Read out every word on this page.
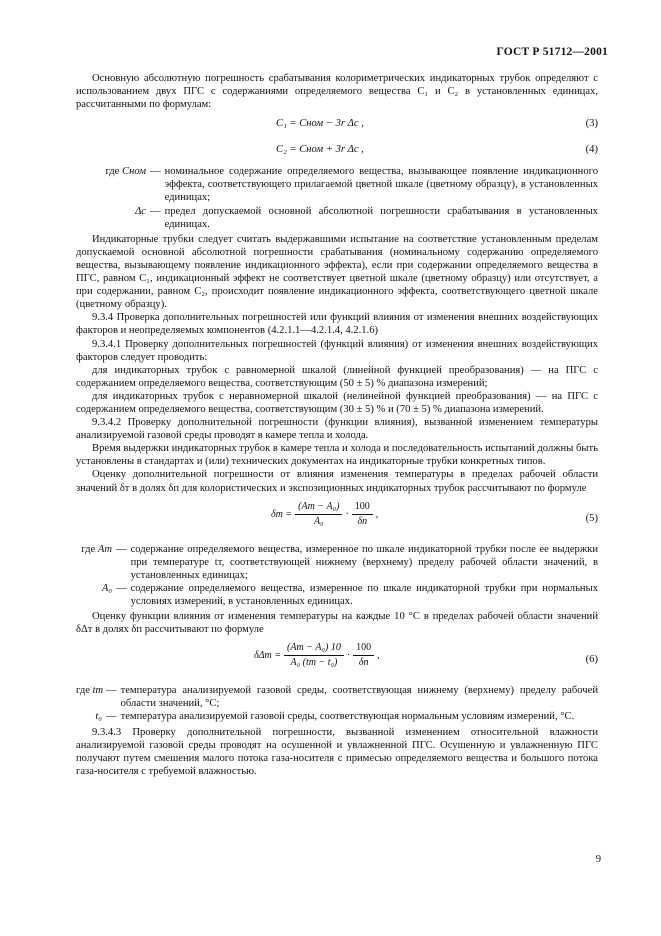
ГОСТ Р 51712—2001

Основную абсолютную погрешность срабатывания колориметрических индикаторных трубок определяют с использованием двух ПГС с содержаниями определяемого вещества C₁ и C₂ в установленных единицах, рассчитанными по формулам:

C₁ = Cном − 3r Δc ,	(3)
C₂ = Cном + 3r Δc ,	(4)
где Cном — номинальное содержание определяемого вещества, вызывающее появление индикационного эффекта, соответствующего прилагаемой цветной шкале (цветному образцу), в установленных единицах;
Δc — предел допускаемой основной абсолютной погрешности срабатывания в установленных единицах.

Индикаторные трубки следует считать выдержавшими испытание на соответствие установленным пределам допускаемой основной абсолютной погрешности срабатывания (номинальному содержанию определяемого вещества, вызывающему появление индикационного эффекта), если при содержании определяемого вещества в ПГС, равном C₁, индикационный эффект не соответствует цветной шкале (цветному образцу) или отсутствует, а при содержании, равном C₂, происходит появление индикационного эффекта, соответствующего цветной шкале (цветному образцу).

9.3.4 Проверка дополнительных погрешностей или функций влияния от изменения внешних воздействующих факторов и неопределяемых компонентов (4.2.1.1—4.2.1.4, 4.2.1.6)

9.3.4.1 Проверку дополнительных погрешностей (функций влияния) от изменения внешних воздействующих факторов следует проводить:

для индикаторных трубок с равномерной шкалой (линейной функцией преобразования) — на ПГС с содержанием определяемого вещества, соответствующим (50 ± 5) % диапазона измерений;

для индикаторных трубок с неравномерной шкалой (нелинейной функцией преобразования) — на ПГС с содержанием определяемого вещества, соответствующим (30 ± 5) % и (70 ± 5) % диапазона измерений.

9.3.4.2 Проверку дополнительной погрешности (функции влияния), вызванной изменением температуры анализируемой газовой среды проводят в камере тепла и холода.

Время выдержки индикаторных трубок в камере тепла и холода и последовательность испытаний должны быть установлены в стандартах и (или) технических документах на индикаторные трубки конкретных типов.

Оценку дополнительной погрешности от влияния изменения температуры в пределах рабочей области значений δт в долях δп для колористических и экспозиционных индикаторных трубок рассчитывают по формуле

$\delta т = \frac{\text{(Aт − A₀)}}{\text{A₀}} \cdot \frac{100}{\delta п}$ ,	(5)
где Aт — содержание определяемого вещества, измеренное по шкале индикаторной трубки после ее выдержки при температуре tт, соответствующей нижнему (верхнему) пределу рабочей области значений, в установленных единицах;
A₀ — содержание определяемого вещества, измеренное по шкале индикаторной трубки при нормальных условиях измерений, в установленных единицах.

Оценку функции влияния от изменения температуры на каждые 10 °С в пределах рабочей области значений δΔт в долях δп рассчитывают по формуле

$\delta\Delta т = \frac{\text{(Aт − A₀) 10}}{\text{A₀ (tт − t₀)}} \cdot \frac{100}{\delta п}$ ,	(6)
где tт — температура анализируемой газовой среды, соответствующая нижнему (верхнему) пределу рабочей области значений, °С;
t₀ — температура анализируемой газовой среды, соответствующая нормальным условиям измерений, °С.

9.3.4.3 Проверку дополнительной погрешности, вызванной изменением относительной влажности анализируемой газовой среды проводят на осушенной и увлажненной ПГС. Осушенную и увлажненную ПГС получают путем смешения малого потока газа-носителя с примесью определяемого вещества и большого потока газа-носителя с требуемой влажностью.

9
